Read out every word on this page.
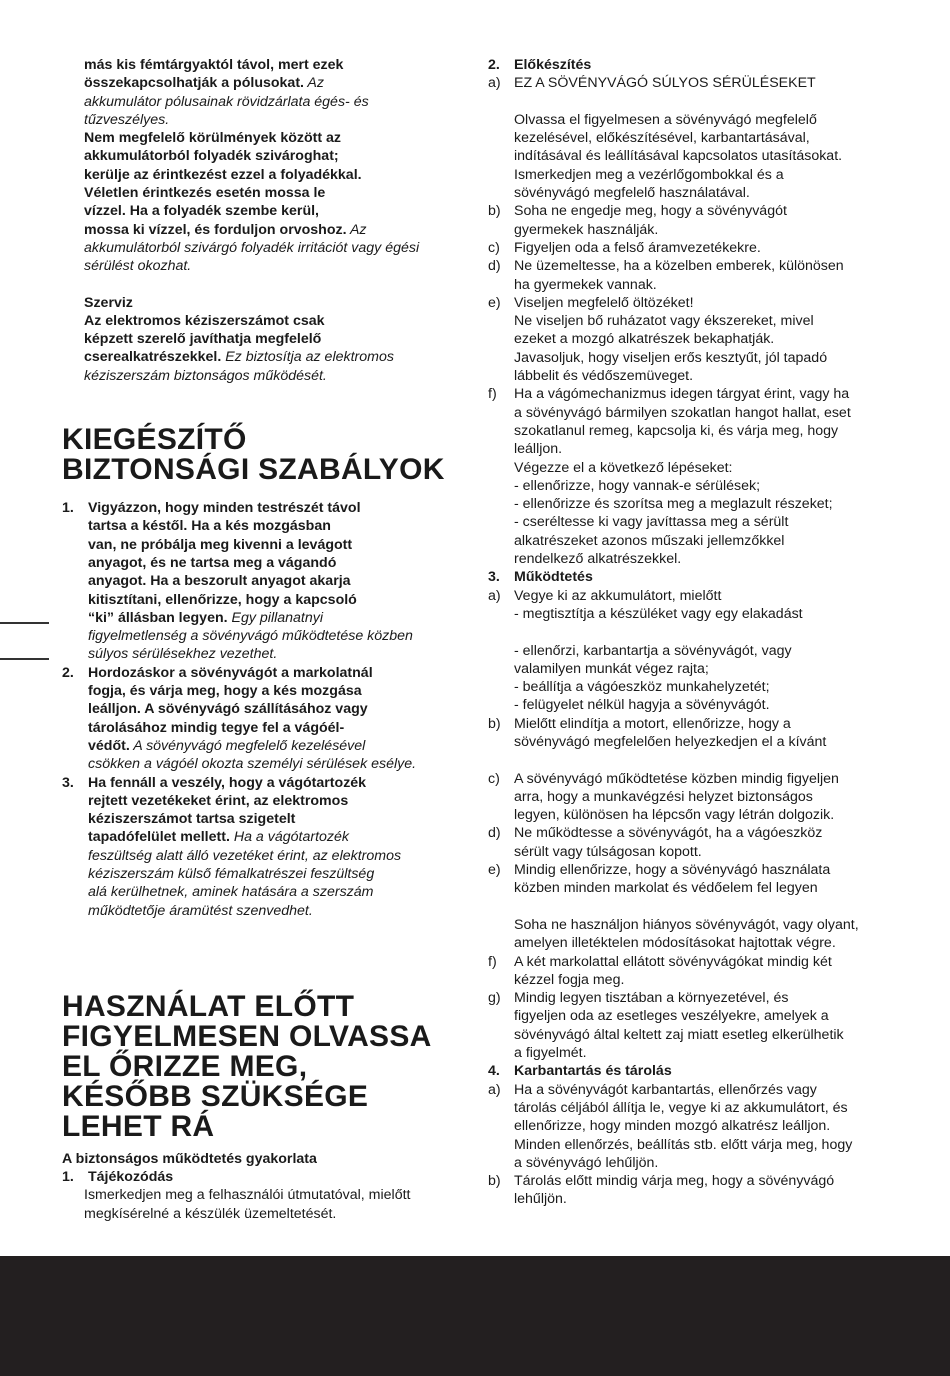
más kis fémtárgyaktól távol, mert ezek
összekapcsolhatják a pólusokat. Az
akkumulátor pólusainak rövidzárlata égés- és
tűzveszélyes.
Nem megfelelő körülmények között az
akkumulátorból folyadék szivároghat;
kerülje az érintkezést ezzel a folyadékkal.
Véletlen érintkezés esetén mossa le
vízzel. Ha a folyadék szembe kerül,
mossa ki vízzel, és forduljon orvoshoz. Az
akkumulátorból szivárgó folyadék irritációt vagy égési
sérülést okozhat.
Szerviz
Az elektromos kéziszerszámot csak
képzett szerelő javíthatja megfelelő
cserealkatrészekkel. Ez biztosítja az elektromos
kéziszerszám biztonságos működését.
KIEGÉSZÍTŐ
BIZTONSÁGI SZABÁLYOK
1. Vigyázzon, hogy minden testrészét távol
tartsa a késtől. Ha a kés mozgásban
van, ne próbálja meg kivenni a levágott
anyagot, és ne tartsa meg a vágandó
anyagot. Ha a beszorult anyagot akarja
kitisztítani, ellenőrizze, hogy a kapcsoló
“ki” állásban legyen. Egy pillanatnyi
figyelmetlenség a sövényvágó működtetése közben
súlyos sérülésekhez vezethet.
2. Hordozáskor a sövényvágót a markolatnál
fogja, és várja meg, hogy a kés mozgása
leálljon. A sövényvágó szállításához vagy
tárolásához mindig tegye fel a vágóél-
védőt. A sövényvágó megfelelő kezelésével
csökken a vágóél okozta személyi sérülések esélye.
3. Ha fennáll a veszély, hogy a vágótartozék
rejtett vezetékeket érint, az elektromos
kéziszerszámot tartsa szigetelt
tapadófelület mellett. Ha a vágótartozék
feszültség alatt álló vezetéket érint, az elektromos
kéziszerszám külső fémalkatrészei feszültség
alá kerülhetnek, aminek hatására a szerszám
működtetője áramütést szenvedhet.
HASZNÁLAT ELŐTT
FIGYELMESEN OLVASSA
EL ŐRIZZE MEG,
KÉSŐBB SZÜKSÉGE
LEHET RÁ
A biztonságos működtetés gyakorlata
1. Tájékozódás
Ismerkedjen meg a felhasználói útmutatóval, mielőtt
megkísérelné a készülék üzemeltetését.
2. Előkészítés
a) EZ A SÖVÉNYVÁGÓ SÚLYOS SÉRÜLÉSEKET

Olvassa el figyelmesen a sövényvágó megfelelő
kezelésével, előkészítésével, karbantartásával,
indításával és leállításával kapcsolatos utasításokat.
Ismerkedjen meg a vezérlőgombokkal és a
sövényvágó megfelelő használatával.
b) Soha ne engedje meg, hogy a sövényvágót
gyermekek használják.
c) Figyeljen oda a felső áramvezetékekre.
d) Ne üzemeltesse, ha a közelben emberek, különösen
ha gyermekek vannak.
e) Viseljen megfelelő öltözéket!
Ne viseljen bő ruházatot vagy ékszereket, mivel
ezeket a mozgó alkatrészek bekaphatják.
Javasoljuk, hogy viseljen erős kesztyűt, jól tapadó
lábbelit és védőszemüveget.
f)	Ha a vágómechanizmus idegen tárgyat érint, vagy ha
a sövényvágó bármilyen szokatlan hangot hallat, eset
szokatlanul remeg, kapcsolja ki, és várja meg, hogy
leálljon.
Végezze el a következő lépéseket:
- ellenőrizze, hogy vannak-e sérülések;
- ellenőrizze és szorítsa meg a meglazult részeket;
- cseréltesse ki vagy javíttassa meg a sérült
alkatrészeket azonos műszaki jellemzőkkel
rendelkező alkatrészekkel.
3. Működtetés
a) Vegye ki az akkumulátort, mielőtt
- megtisztítja a készüléket vagy egy elakadást

- ellenőrzi, karbantartja a sövényvágót, vagy
valamilyen munkát végez rajta;
- beállítja a vágóeszköz munkahelyzetét;
- felügyelet nélkül hagyja a sövényvágót.
b) Mielőtt elindítja a motort, ellenőrizze, hogy a
sövényvágó megfelelően helyezkedjen el a kívánt

c) A sövényvágó működtetése közben mindig figyeljen
arra, hogy a munkavégzési helyzet biztonságos
legyen, különösen ha lépcsőn vagy létrán dolgozik.
d) Ne működtesse a sövényvágót, ha a vágóeszköz
sérült vagy túlságosan kopott.
e) Mindig ellenőrizze, hogy a sövényvágó használata
közben minden markolat és védőelem fel legyen

Soha ne használjon hiányos sövényvágót, vagy olyant,
amelyen illetéktelen módosításokat hajtottak végre.
f)	A két markolattal ellátott sövényvágókat mindig két
kézzel fogja meg.
g) Mindig legyen tisztában a környezetével, és
figyeljen oda az esetleges veszélyekre, amelyek a
sövényvágó által keltett zaj miatt esetleg elkerülhetik
a figyelmét.
4. Karbantartás és tárolás
a) Ha a sövényvágót karbantartás, ellenőrzés vagy
tárolás céljából állítja le, vegye ki az akkumulátort, és
ellenőrizze, hogy minden mozgó alkatrész leálljon.
Minden ellenőrzés, beállítás stb. előtt várja meg, hogy
a sövényvágó lehűljön.
b) Tárolás előtt mindig várja meg, hogy a sövényvágó
lehűljön.
